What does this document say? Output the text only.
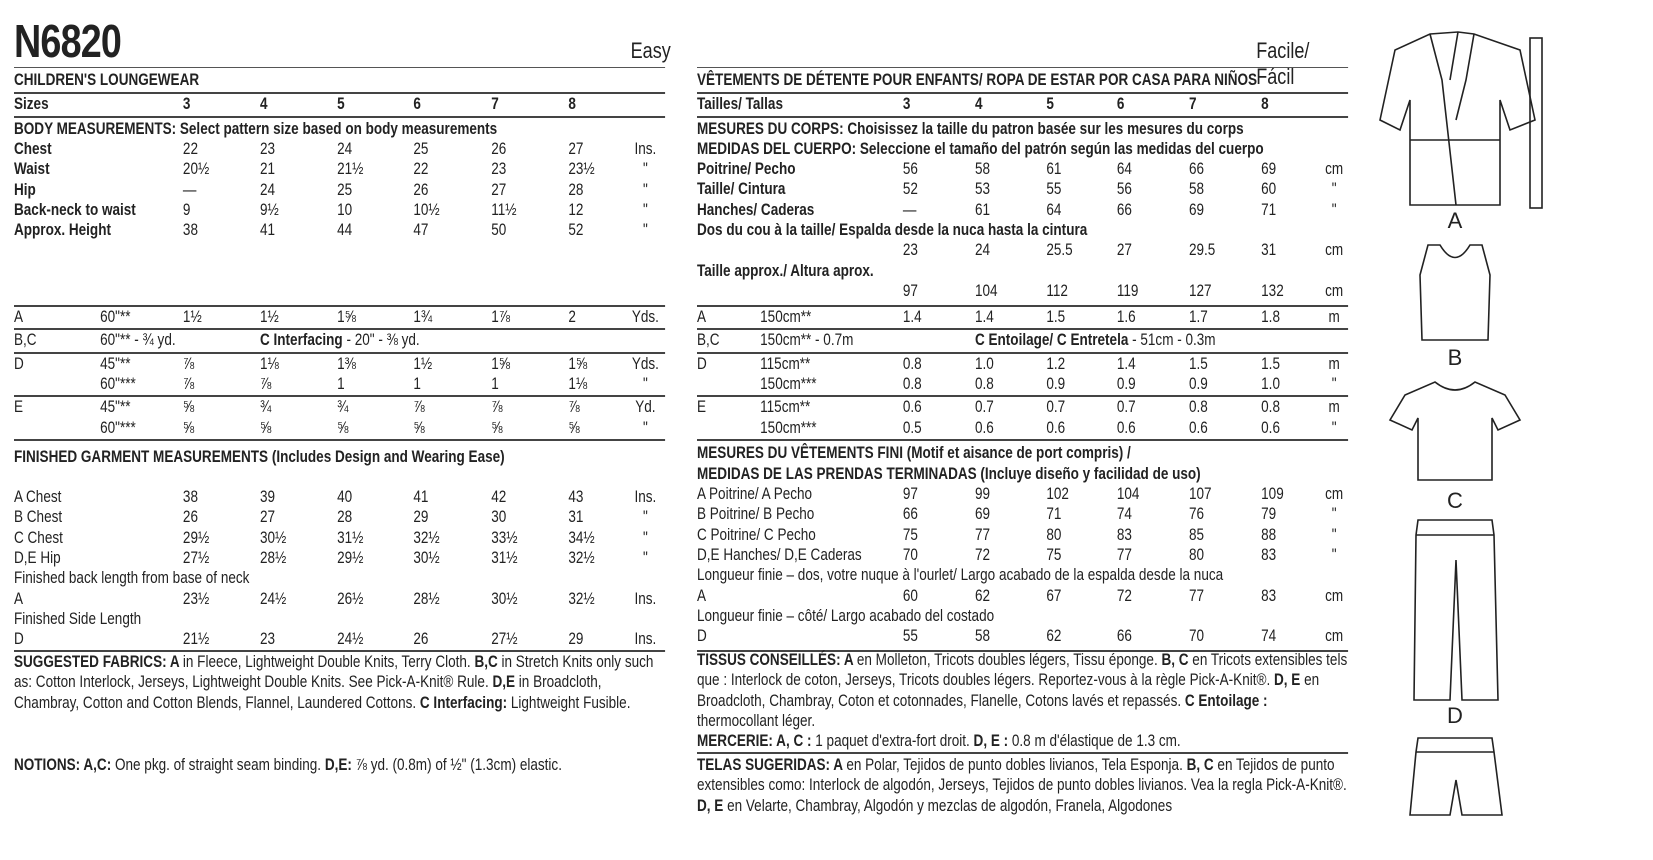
N6820	Easy
CHILDREN'S LOUNGEWEAR
Sizes	3	4	5	6	7	8
BODY MEASUREMENTS: Select pattern size based on body measurements
Chest	22	23	24	25	26	27	Ins.
Waist	20½	21	21½	22	23	23½	"
Hip	—	24	25	26	27	28	"
Back-neck to waist	9	9½	10	10½	11½	12	"
Approx. Height	38	41	44	47	50	52	"
A	60"**	1½	1½	1⅝	1¾	1⅞	2	Yds.
B,C	60"** - ¾ yd.	C Interfacing - 20" - ⅜ yd.
D	45"**	⅞	1⅛	1⅜	1½	1⅝	1⅝	Yds.
60"***	⅞	⅞	1	1	1	1⅛	"
E	45"**	⅝	¾	¾	⅞	⅞	⅞	Yd.
60"***	⅝	⅝	⅝	⅝	⅝	⅝	"
FINISHED GARMENT MEASUREMENTS (Includes Design and Wearing Ease)
A Chest	38	39	40	41	42	43	Ins.
B Chest	26	27	28	29	30	31	"
C Chest	29½	30½	31½	32½	33½	34½	"
D,E Hip	27½	28½	29½	30½	31½	32½	"
Finished back length from base of neck
A	23½	24½	26½	28½	30½	32½	Ins.
Finished Side Length
D	21½	23	24½	26	27½	29	Ins.
SUGGESTED FABRICS: A in Fleece, Lightweight Double Knits, Terry Cloth. B,C in Stretch Knits only such as: Cotton Interlock, Jerseys, Lightweight Double Knits. See Pick-A-Knit® Rule. D,E in Broadcloth, Chambray, Cotton and Cotton Blends, Flannel, Laundered Cottons. C Interfacing: Lightweight Fusible.
NOTIONS: A,C: One pkg. of straight seam binding. D,E: ⅞ yd. (0.8m) of ½" (1.3cm) elastic.
Facile/ Fácil
VÊTEMENTS DE DÉTENTE POUR ENFANTS/ ROPA DE ESTAR POR CASA PARA NIÑOS
Tailles/ Tallas	3	4	5	6	7	8
MESURES DU CORPS: Choisissez la taille du patron basée sur les mesures du corps
MEDIDAS DEL CUERPO: Seleccione el tamaño del patrón según las medidas del cuerpo
Poitrine/ Pecho	56	58	61	64	66	69	cm
Taille/ Cintura	52	53	55	56	58	60	"
Hanches/ Caderas	—	61	64	66	69	71	"
Dos du cou à la taille/ Espalda desde la nuca hasta la cintura
23	24	25.5	27	29.5	31	cm
Taille approx./ Altura aprox.
97	104	112	119	127	132	cm
A	150cm**	1.4	1.4	1.5	1.6	1.7	1.8	m
B,C 150cm** - 0.7m	C Entoilage/ C Entretela - 51cm - 0.3m
D	115cm**	0.8	1.0	1.2	1.4	1.5	1.5	m
150cm***	0.8	0.8	0.9	0.9	0.9	1.0	"
E	115cm**	0.6	0.7	0.7	0.7	0.8	0.8	m
150cm***	0.5	0.6	0.6	0.6	0.6	0.6	"
MESURES DU VÊTEMENTS FINI (Motif et aisance de port compris) /
MEDIDAS DE LAS PRENDAS TERMINADAS (Incluye diseño y facilidad de uso)
A Poitrine/ A Pecho	97	99	102	104	107	109	cm
B Poitrine/ B Pecho	66	69	71	74	76	79	"
C Poitrine/ C Pecho	75	77	80	83	85	88	"
D,E Hanches/ D,E Caderas 70	72	75	77	80	83	"
Longueur finie – dos, votre nuque à l'ourlet/ Largo acabado de la espalda desde la nuca
A	60	62	67	72	77	83	cm
Longueur finie – côté/ Largo acabado del costado
D	55	58	62	66	70	74	cm
TISSUS CONSEILLÉS: A en Molleton, Tricots doubles légers, Tissu éponge. B, C en Tricots extensibles tels que : Interlock de coton, Jerseys, Tricots doubles légers. Reportez-vous à la règle Pick-A-Knit®. D, E en Broadcloth, Chambray, Coton et cotonnades, Flanelle, Cotons lavés et repassés. C Entoilage : thermocollant léger.
MERCERIE: A, C : 1 paquet d'extra-fort droit. D, E : 0.8 m d'élastique de 1.3 cm.
TELAS SUGERIDAS: A en Polar, Tejidos de punto dobles livianos, Tela Esponja. B, C en Tejidos de punto extensibles como: Interlock de algodón, Jerseys, Tejidos de punto dobles livianos. Vea la regla Pick-A-Knit®. D, E en Velarte, Chambray, Algodón y mezclas de algodón, Franela, Algodones
A
B
C
D
